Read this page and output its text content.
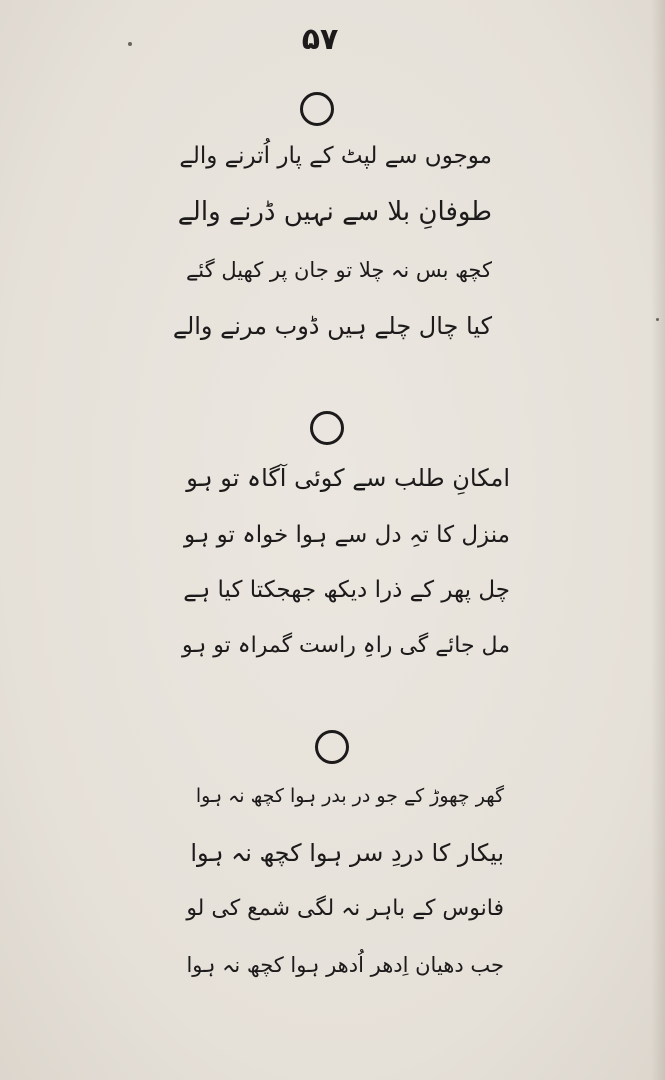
۵۷
موجوں سے لپٹ کے پار اُترنے والے
طوفانِ بلا سے نہیں ڈرنے والے
کچھ بس نہ چلا تو جان پر کھیل گئے
کیا چال چلے ہیں ڈوب مرنے والے
امکانِ طلب سے کوئی آگاہ تو ہو
منزل کا تہِ دل سے ہوا خواہ تو ہو
چل پھر کے ذرا دیکھ جھجکتا کیا ہے
مل جائے گی راہِ راست گمراہ تو ہو
گھر چھوڑ کے جو در بدر ہوا کچھ نہ ہوا
بیکار کا دردِ سر ہوا کچھ نہ ہوا
فانوس کے باہر نہ لگی شمع کی لو
جب دھیان اِدھر اُدھر ہوا کچھ نہ ہوا
